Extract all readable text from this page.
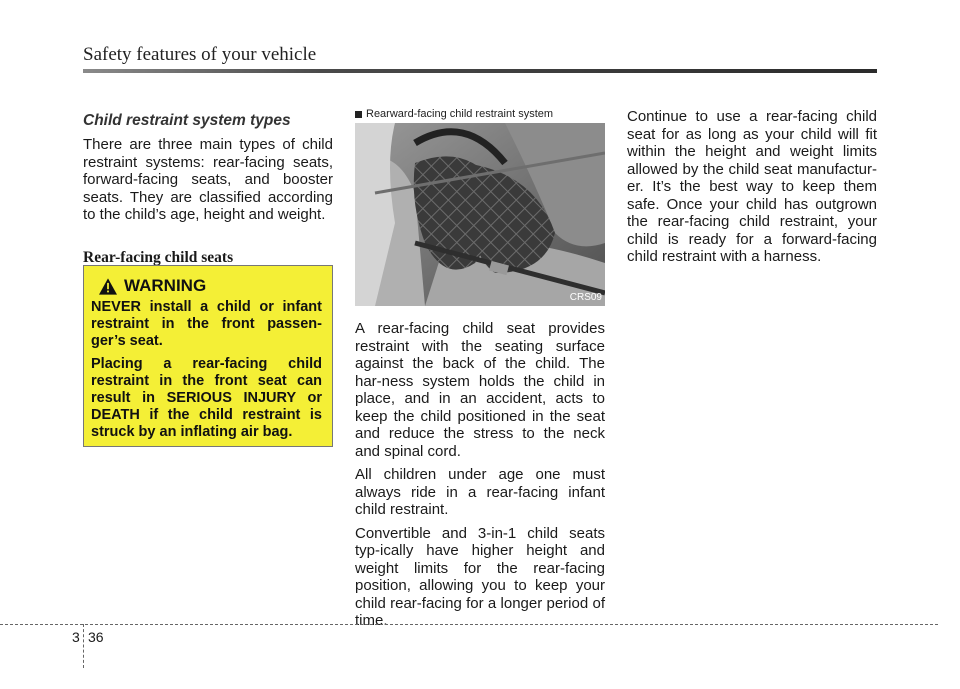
Safety features of your vehicle
Child restraint system types

There are three main types of child restraint systems: rear-facing seats, forward-facing seats, and booster seats. They are classified according to the child’s age, height and weight.

Rear-facing child seats
WARNING

NEVER install a child or infant restraint in the front passen-ger’s seat.

Placing a rear-facing child restraint in the front seat can result in SERIOUS INJURY or DEATH if the child restraint is struck by an inflating air bag.

Rearward-facing child restraint system
CRS09

A rear-facing child seat provides restraint with the seating surface against the back of the child. The har-ness system holds the child in place, and in an accident, acts to keep the child positioned in the seat and reduce the stress to the neck and spinal cord.

All children under age one must always ride in a rear-facing infant child restraint.

Convertible and 3-in-1 child seats typ-ically have higher height and weight limits for the rear-facing position, allowing you to keep your child rear-facing for a longer period of time.

Continue to use a rear-facing child seat for as long as your child will fit within the height and weight limits allowed by the child seat manufactur-er. It’s the best way to keep them safe. Once your child has outgrown the rear-facing child restraint, your child is ready for a forward-facing child restraint with a harness.

3 36
